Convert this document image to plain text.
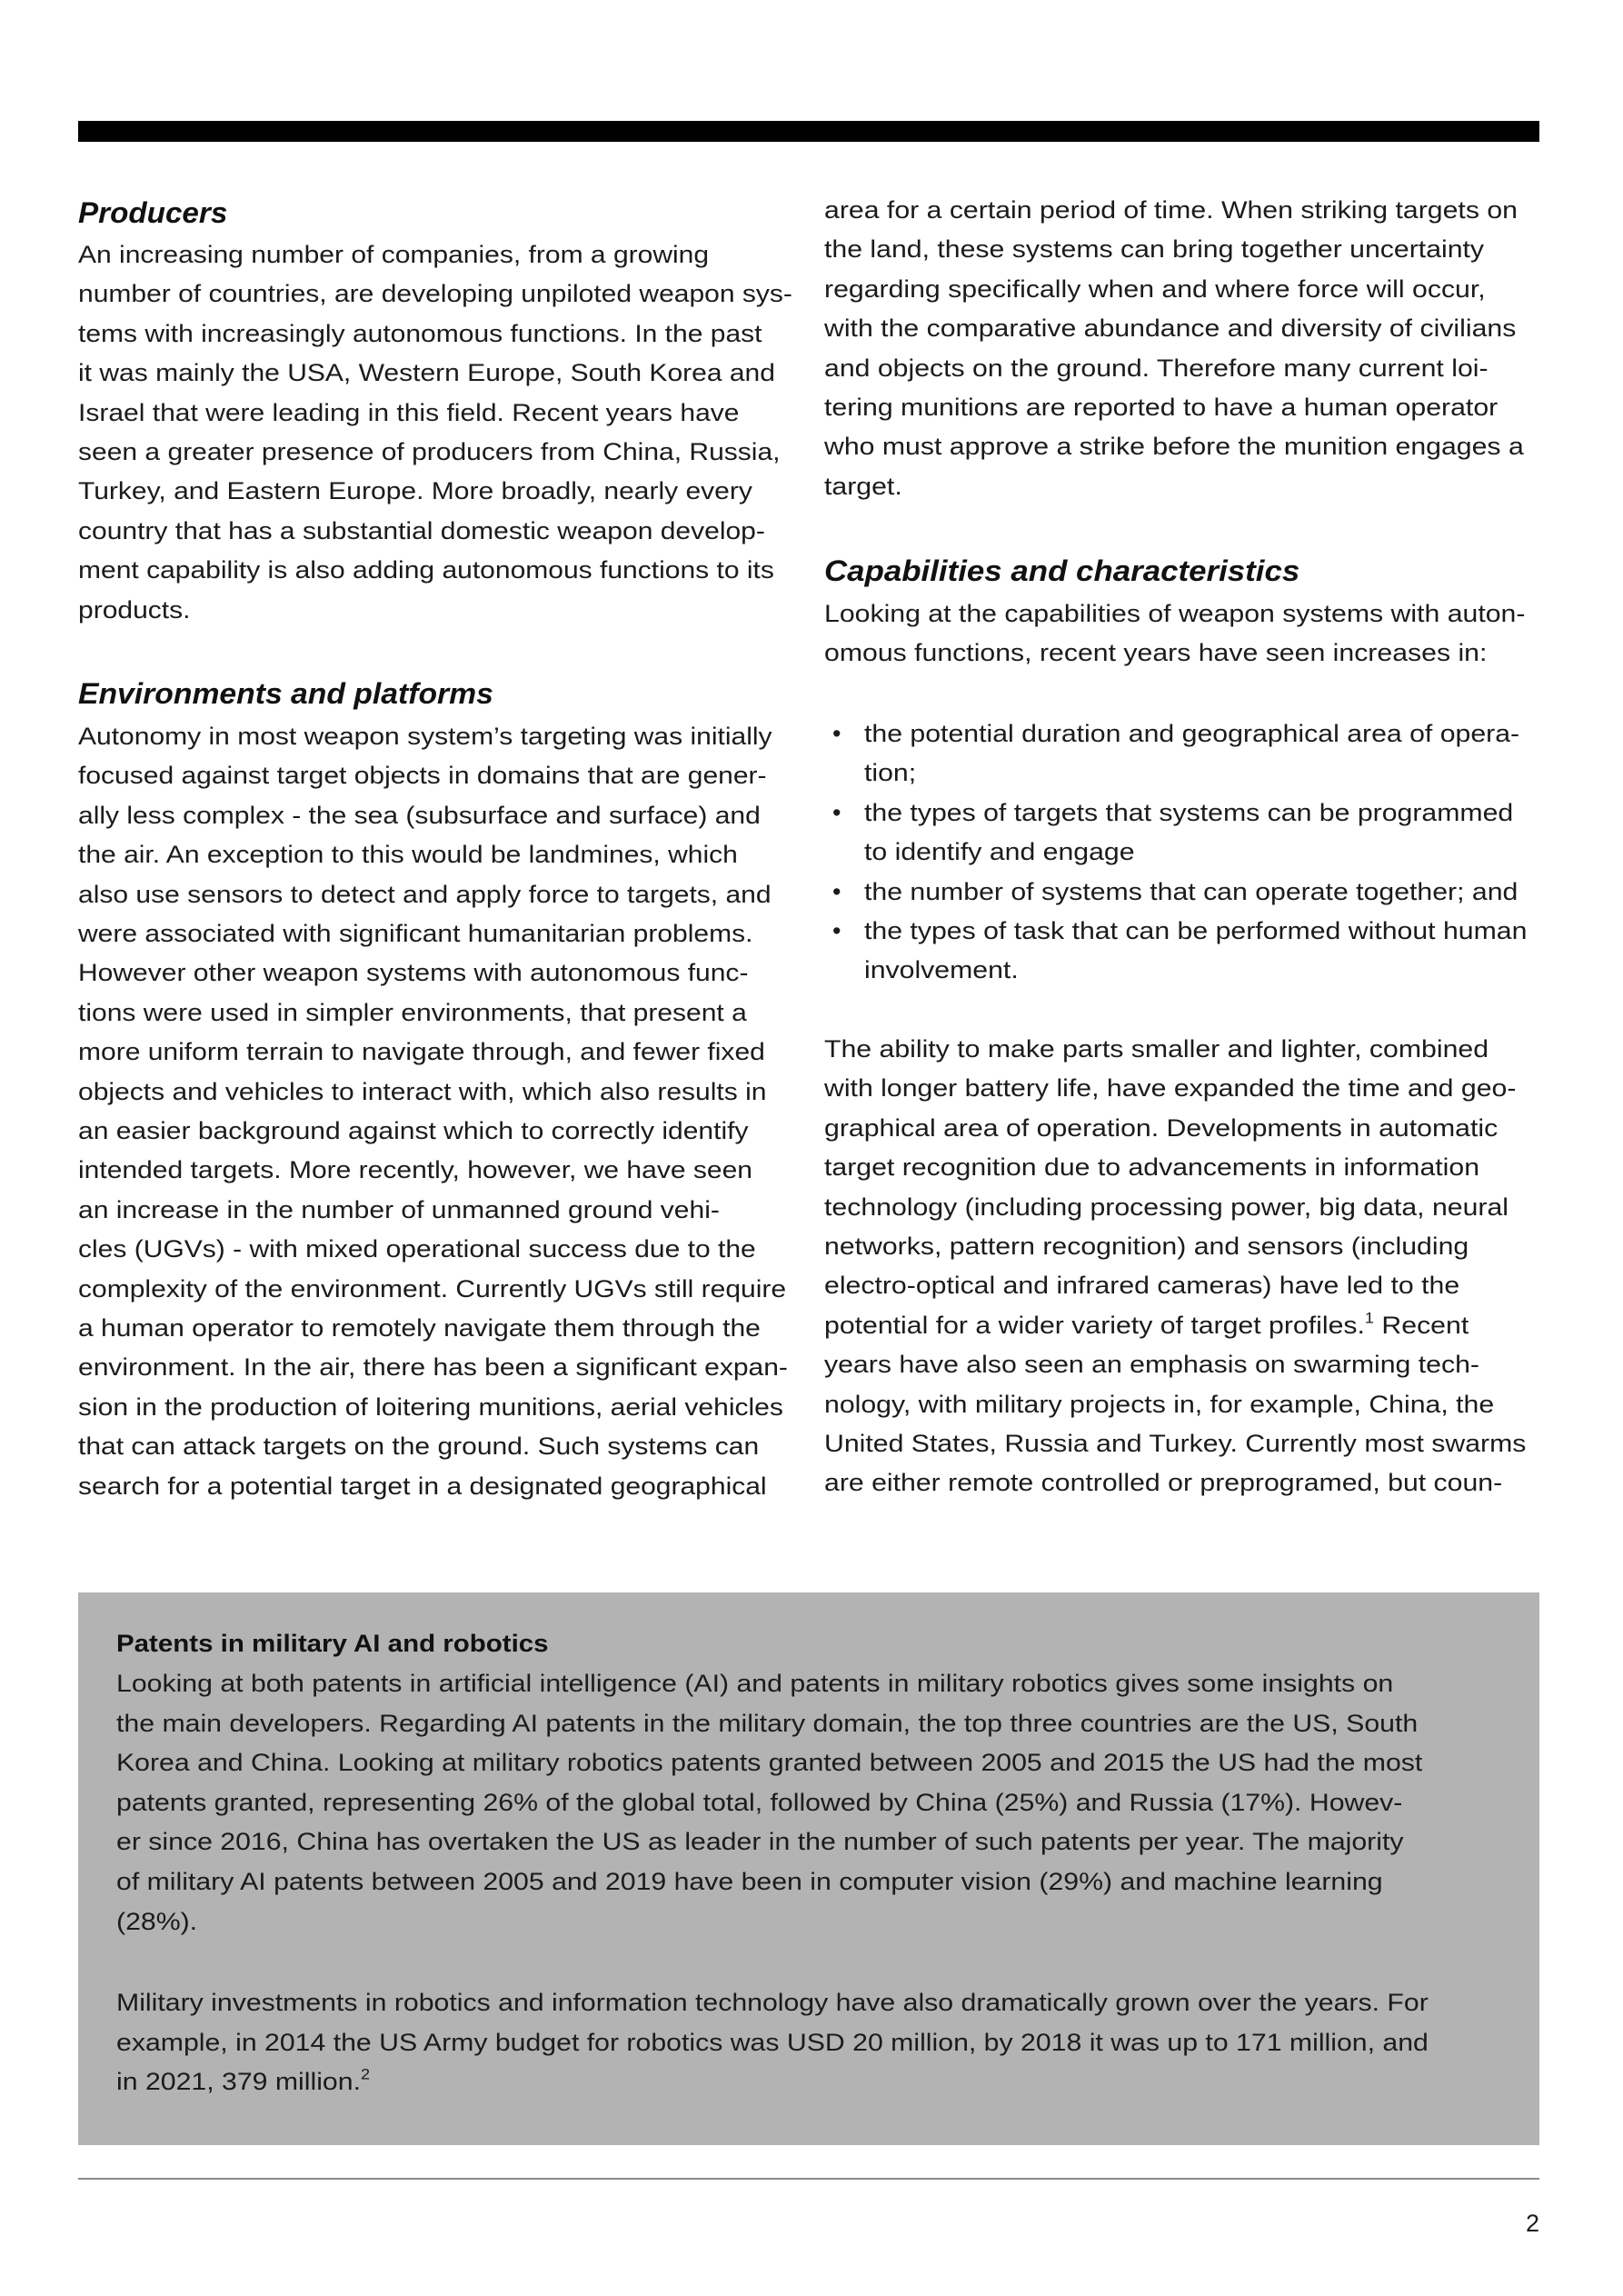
Producers
An increasing number of companies, from a growing
number of countries, are developing unpiloted weapon sys-
tems with increasingly autonomous functions. In the past
it was mainly the USA, Western Europe, South Korea and
Israel that were leading in this field. Recent years have
seen a greater presence of producers from China, Russia,
Turkey, and Eastern Europe. More broadly, nearly every
country that has a substantial domestic weapon develop-
ment capability is also adding autonomous functions to its
products.
Environments and platforms
Autonomy in most weapon system’s targeting was initially
focused against target objects in domains that are gener-
ally less complex - the sea (subsurface and surface) and
the air. An exception to this would be landmines, which
also use sensors to detect and apply force to targets, and
were associated with significant humanitarian problems.
However other weapon systems with autonomous func-
tions were used in simpler environments, that present a
more uniform terrain to navigate through, and fewer fixed
objects and vehicles to interact with, which also results in
an easier background against which to correctly identify
intended targets. More recently, however, we have seen
an increase in the number of unmanned ground vehi-
cles (UGVs) - with mixed operational success due to the
complexity of the environment. Currently UGVs still require
a human operator to remotely navigate them through the
environment. In the air, there has been a significant expan-
sion in the production of loitering munitions, aerial vehicles
that can attack targets on the ground. Such systems can
search for a potential target in a designated geographical
area for a certain period of time. When striking targets on
the land, these systems can bring together uncertainty
regarding specifically when and where force will occur,
with the comparative abundance and diversity of civilians
and objects on the ground. Therefore many current loi-
tering munitions are reported to have a human operator
who must approve a strike before the munition engages a
target.
Capabilities and characteristics
Looking at the capabilities of weapon systems with auton-
omous functions, recent years have seen increases in:
•
the potential duration and geographical area of opera-
tion;
•
the types of targets that systems can be programmed
to identify and engage
•
the number of systems that can operate together; and
•
the types of task that can be performed without human
involvement.
The ability to make parts smaller and lighter, combined
with longer battery life, have expanded the time and geo-
graphical area of operation. Developments in automatic
target recognition due to advancements in information
technology (including processing power, big data, neural
networks, pattern recognition) and sensors (including
electro-optical and infrared cameras) have led to the
potential for a wider variety of target profiles.$^1$ Recent
years have also seen an emphasis on swarming tech-
nology, with military projects in, for example, China, the
United States, Russia and Turkey. Currently most swarms
are either remote controlled or preprogramed, but coun-
Patents in military AI and robotics
Looking at both patents in artificial intelligence (AI) and patents in military robotics gives some insights on
the main developers. Regarding AI patents in the military domain, the top three countries are the US, South
Korea and China. Looking at military robotics patents granted between 2005 and 2015 the US had the most
patents granted, representing 26% of the global total, followed by China (25%) and Russia (17%). Howev-
er since 2016, China has overtaken the US as leader in the number of such patents per year. The majority
of military AI patents between 2005 and 2019 have been in computer vision (29%) and machine learning
(28%).
Military investments in robotics and information technology have also dramatically grown over the years. For
example, in 2014 the US Army budget for robotics was USD 20 million, by 2018 it was up to 171 million, and
in 2021, 379 million.$^2$
2
